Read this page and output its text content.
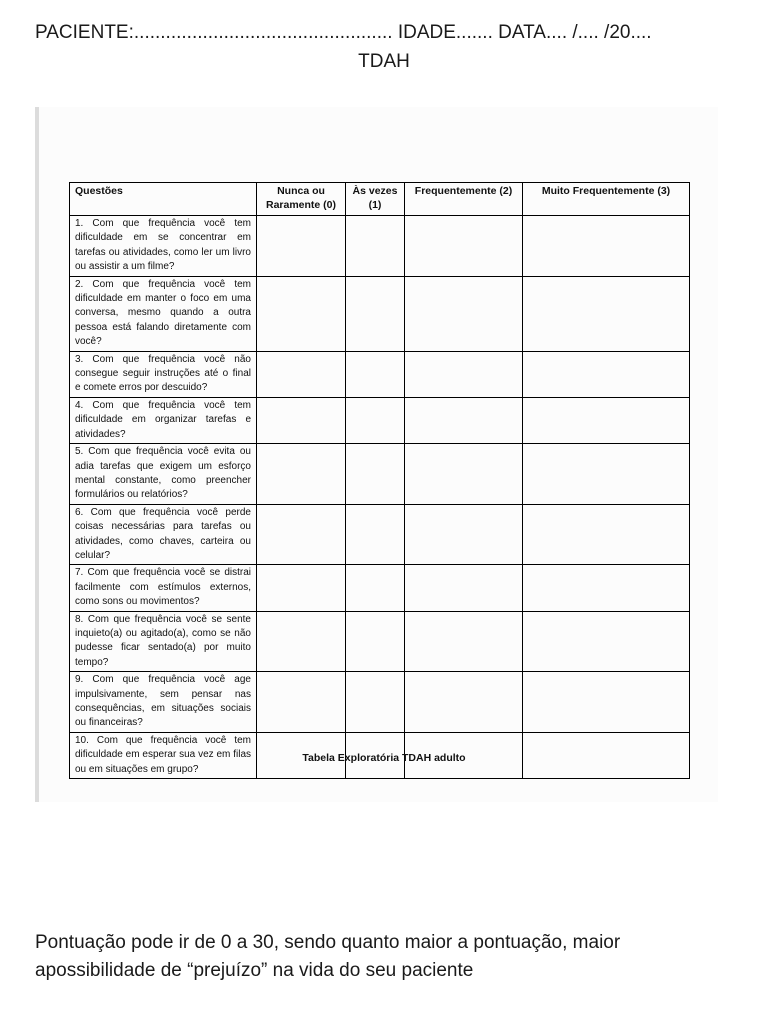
PACIENTE:................................................. IDADE....... DATA.... /.... /20....
TDAH
Questões	Nunca ou Raramente (0)	Às vezes (1)	Frequentemente (2)	Muito Frequentemente (3)
1. Com que frequência você tem dificuldade em se concentrar em tarefas ou atividades, como ler um livro ou assistir a um filme?				
2. Com que frequência você tem dificuldade em manter o foco em uma conversa, mesmo quando a outra pessoa está falando diretamente com você?				
3. Com que frequência você não consegue seguir instruções até o final e comete erros por descuido?				
4. Com que frequência você tem dificuldade em organizar tarefas e atividades?				
5. Com que frequência você evita ou adia tarefas que exigem um esforço mental constante, como preencher formulários ou relatórios?				
6. Com que frequência você perde coisas necessárias para tarefas ou atividades, como chaves, carteira ou celular?				
7. Com que frequência você se distrai facilmente com estímulos externos, como sons ou movimentos?				
8. Com que frequência você se sente inquieto(a) ou agitado(a), como se não pudesse ficar sentado(a) por muito tempo?				
9. Com que frequência você age impulsivamente, sem pensar nas consequências, em situações sociais ou financeiras?				
10. Com que frequência você tem dificuldade em esperar sua vez em filas ou em situações em grupo?				
Tabela Exploratória TDAH adulto
Pontuação pode ir de 0 a 30, sendo quanto maior a pontuação, maior apossibilidade de “prejuízo” na vida do seu paciente
